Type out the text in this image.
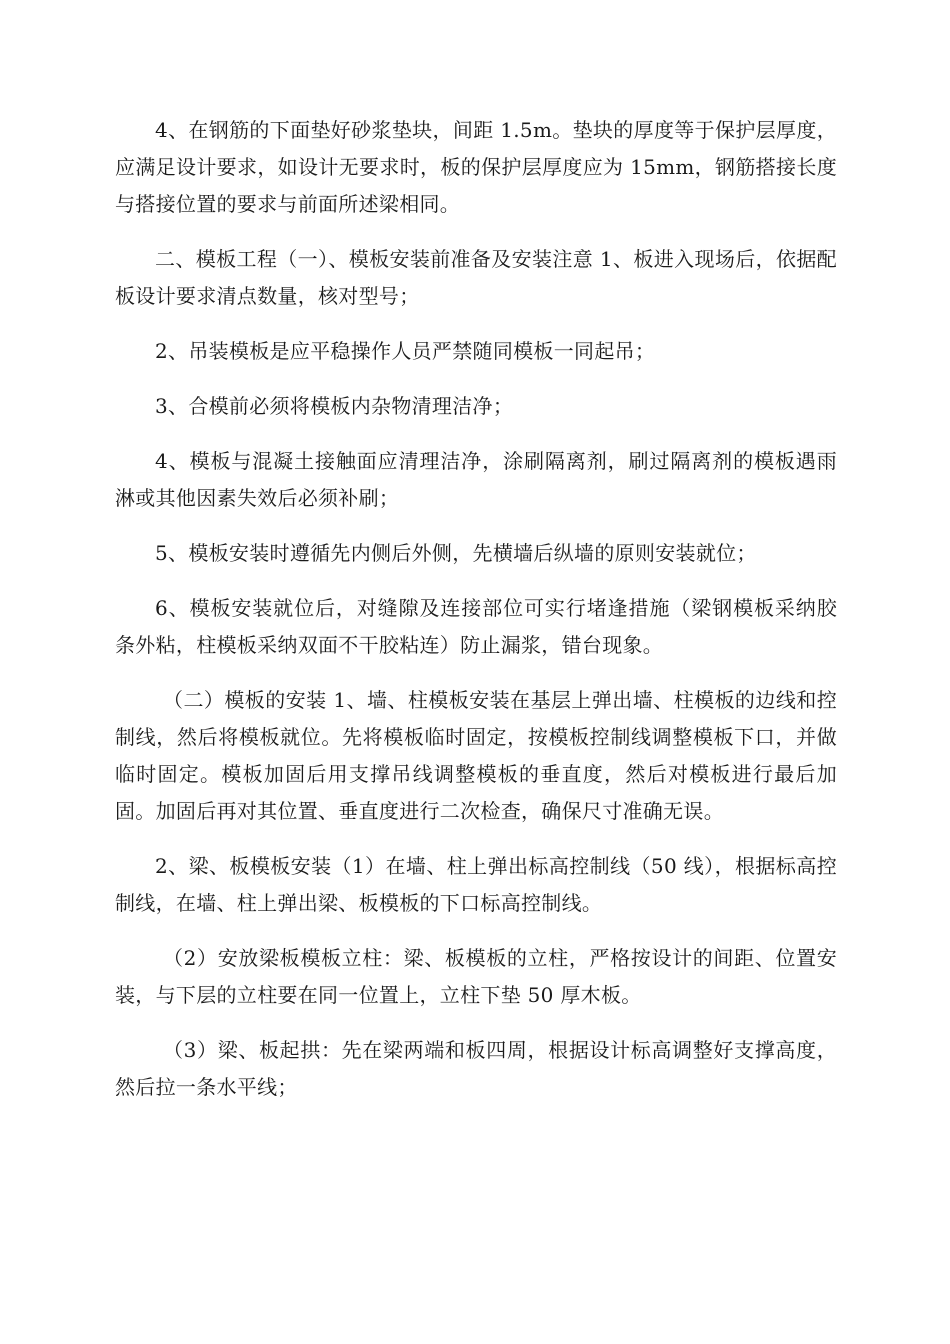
4、在钢筋的下面垫好砂浆垫块，间距 1.5m。垫块的厚度等于保护层厚度，应满足设计要求，如设计无要求时，板的保护层厚度应为 15mm，钢筋搭接长度与搭接位置的要求与前面所述梁相同。

二、模板工程（一）、模板安装前准备及安装注意 1、板进入现场后，依据配板设计要求清点数量，核对型号；

2、吊装模板是应平稳操作人员严禁随同模板一同起吊；

3、合模前必须将模板内杂物清理洁净；

4、模板与混凝土接触面应清理洁净，涂刷隔离剂，刷过隔离剂的模板遇雨淋或其他因素失效后必须补刷；

5、模板安装时遵循先内侧后外侧，先横墙后纵墙的原则安装就位；

6、模板安装就位后，对缝隙及连接部位可实行堵逢措施（梁钢模板采纳胶条外粘，柱模板采纳双面不干胶粘连）防止漏浆，错台现象。

（二）模板的安装 1、墙、柱模板安装在基层上弹出墙、柱模板的边线和控制线，然后将模板就位。先将模板临时固定，按模板控制线调整模板下口，并做临时固定。模板加固后用支撑吊线调整模板的垂直度，然后对模板进行最后加固。加固后再对其位置、垂直度进行二次检查，确保尺寸准确无误。

2、梁、板模板安装（1）在墙、柱上弹出标高控制线（50 线），根据标高控制线，在墙、柱上弹出梁、板模板的下口标高控制线。

（2）安放梁板模板立柱：梁、板模板的立柱，严格按设计的间距、位置安装，与下层的立柱要在同一位置上，立柱下垫 50 厚木板。

（3）梁、板起拱：先在梁两端和板四周，根据设计标高调整好支撑高度，然后拉一条水平线；
